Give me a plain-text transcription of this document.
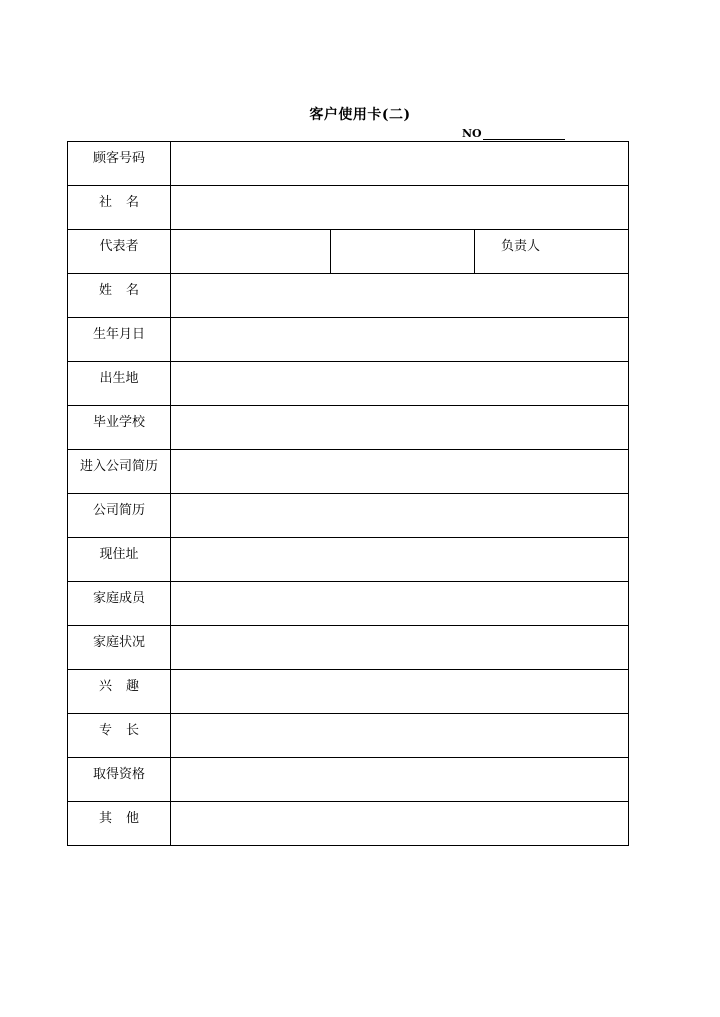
客户使用卡(二)
NO
顾客号码			
社名			
代表者			负责人
姓名			
生年月日			
出生地			
毕业学校			
进入公司简历			
公司简历			
现住址			
家庭成员			
家庭状况			
兴趣			
专长			
取得资格			
其他			
